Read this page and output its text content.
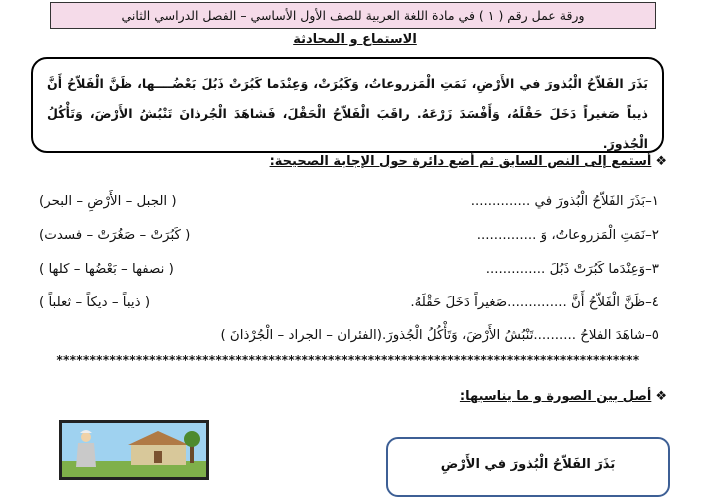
ورقة عمل رقم ( ١ ) في مادة اللغة العربية للصف الأول الأساسي – الفصل الدراسي الثاني
الاستماع و المحادثة
بَذَرَ الفَلاّحُ الْبُذورَ في الأَرْضِ، نَمَتِ الْمَزروعاتُ، وَكَبُرَتْ، وَعِنْدَما كَبُرَتْ ذَبُلَ بَعْضُــــها، ظَنَّ الْفَلاّحُ أَنَّ ذيباً صَغيراً دَخَلَ حَقْلَهُ، وَأَفْسَدَ زَرْعَهُ. راقَبَ الْفَلاّحُ الْحَقْلَ، فَشاهَدَ الْجُرذانَ تَنْبُشُ الأَرْضَ، وَتَأْكُلُ الْجُذورَ.
❖أستمع إلى النص السابق ثم أضع دائرة حول الإجابة الصحيحة:
١–بَذَرَ الفَلاّحُ الْبُذورَ في ..............
( الجبل – الأَرْضِ – البحر)
٢–نَمَتِ الْمَزروعاتُ، وَ ..............
( كَبُرَتْ – صَغُرَتْ – فسدت)
٣–وَعِنْدَما كَبُرَتْ ذَبُلَ ..............
( نصفها – بَعْضُها – كلها )
٤–ظَنَّ الْفَلاّحُ أَنَّ ..............صَغيراً دَخَلَ حَقْلَهُ.
( ذيباً – ديكاً – ثعلباً )
٥–شاهَدَ الفلاحُ ..........تَنْبُشُ الأَرْضَ، وَتَأْكُلُ الْجُذورَ.(الفئران – الجراد – الْجُرْذانَ )
****************************************************************************************
❖أصل بين الصورة و ما يناسبها:
بَذَرَ الفَلاّحُ الْبُذورَ في الأَرْضِ
